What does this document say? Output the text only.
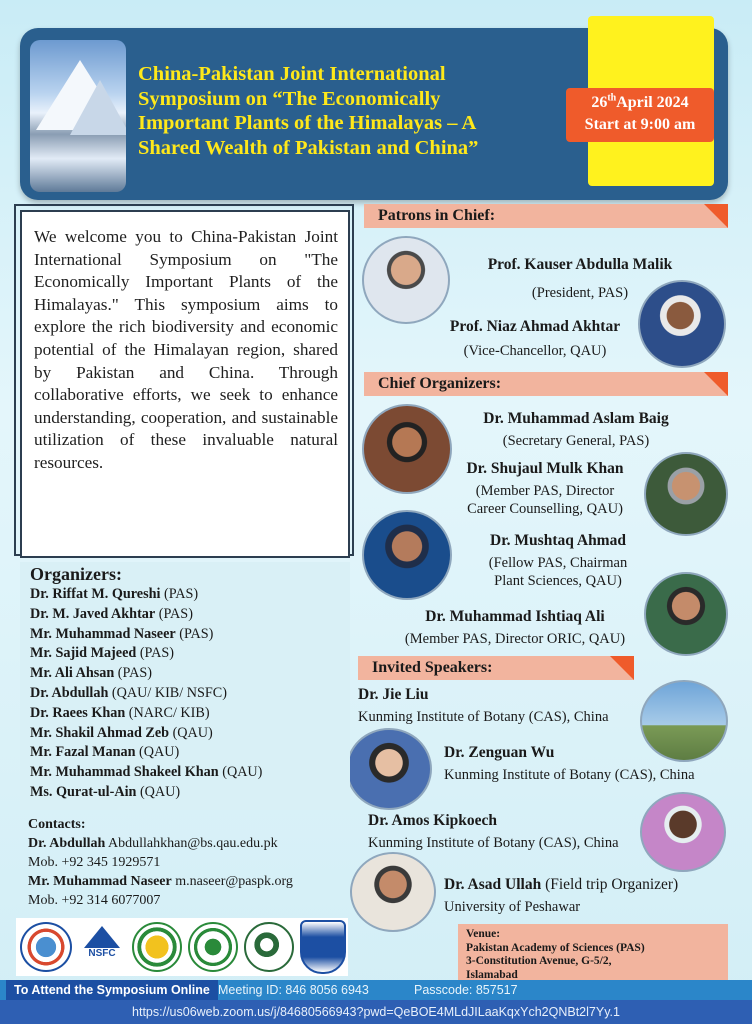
China-Pakistan Joint International
Symposium on “The Economically
Important Plants of the Himalayas – A
Shared Wealth of Pakistan and China”
26thApril 2024
Start at 9:00 am
We welcome you to China-Pakistan Joint International Symposium on "The Economically Important Plants of the Himalayas." This symposium aims to explore the rich biodiversity and economic potential of the Himalayan region, shared by Pakistan and China. Through collaborative efforts, we seek to enhance understanding, cooperation, and sustainable utilization of these invaluable natural resources.
Patrons in Chief:
Prof. Kauser Abdulla Malik
(President, PAS)
Prof. Niaz Ahmad Akhtar
(Vice-Chancellor, QAU)
Chief Organizers:
Dr. Muhammad Aslam Baig
(Secretary General, PAS)
Dr. Shujaul Mulk Khan
(Member PAS, Director
Career Counselling, QAU)
Dr. Mushtaq Ahmad
(Fellow PAS, Chairman
Plant Sciences, QAU)
Dr. Muhammad Ishtiaq Ali
(Member PAS, Director ORIC, QAU)
Invited Speakers:
Dr. Jie Liu
Kunming Institute of Botany (CAS), China
Dr. Zenguan Wu
Kunming Institute of Botany (CAS), China
Dr. Amos Kipkoech
Kunming Institute of Botany (CAS), China
Dr. Asad Ullah (Field trip Organizer)
University of Peshawar
Organizers:
Dr. Riffat M. Qureshi (PAS)
Dr. M. Javed Akhtar (PAS)
Mr. Muhammad Naseer (PAS)
Mr. Sajid Majeed (PAS)
Mr. Ali Ahsan (PAS)
Dr. Abdullah (QAU/ KIB/ NSFC)
Dr. Raees Khan (NARC/ KIB)
Mr. Shakil Ahmad Zeb (QAU)
Mr. Fazal Manan (QAU)
Mr. Muhammad Shakeel Khan (QAU)
Ms. Qurat-ul-Ain (QAU)
Contacts:
Dr. Abdullah Abdullahkhan@bs.qau.edu.pk
Mob. +92 345 1929571
Mr. Muhammad Naseer m.naseer@paspk.org
Mob. +92 314 6077007
NSFC
Venue:
Pakistan Academy of Sciences (PAS)
3-Constitution Avenue, G-5/2,
Islamabad
Meeting ID: 846 8056 6943	Passcode: 857517
To Attend the Symposium Online
https://us06web.zoom.us/j/84680566943?pwd=QeBOE4MLdJILaaKqxYch2QNBt2l7Yy.1
